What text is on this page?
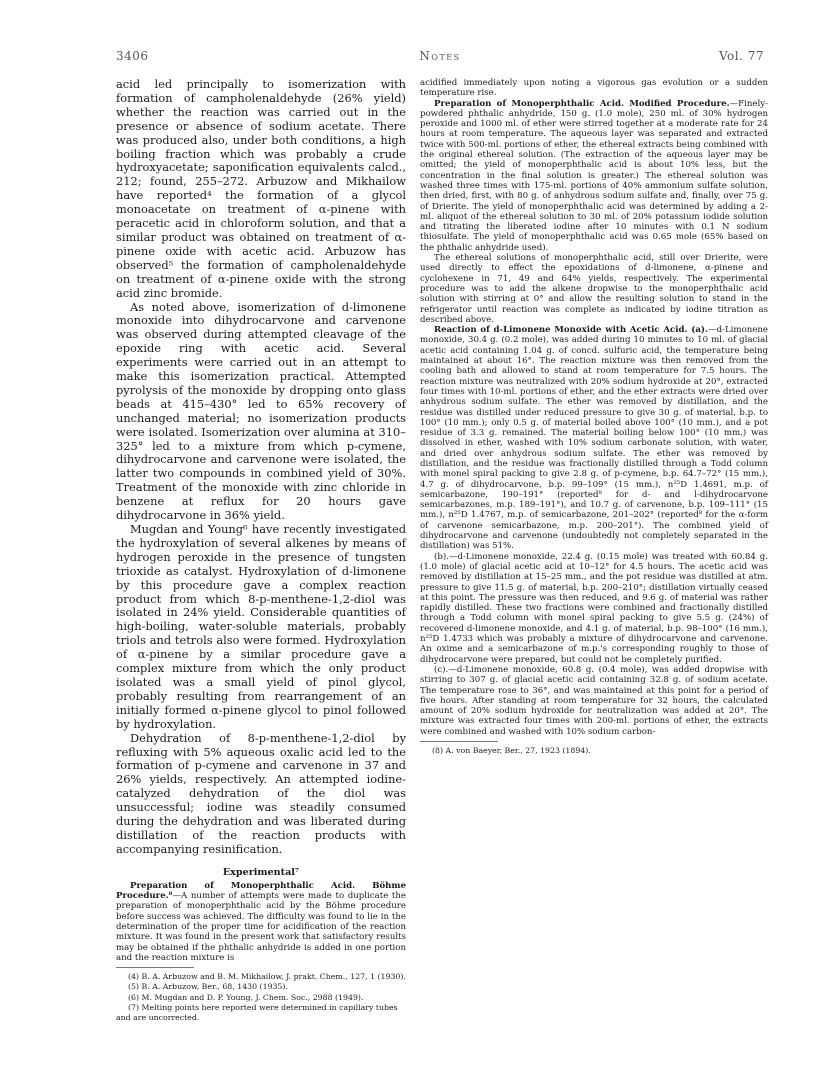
3406	Notes	Vol. 77

acid led principally to isomerization with formation of campholenaldehyde (26% yield) whether the reaction was carried out in the presence or absence of sodium acetate. There was produced also, under both conditions, a high boiling fraction which was probably a crude hydroxyacetate; saponification equivalents calcd., 212; found, 255–272. Arbuzow and Mikhailow have reported⁴ the formation of a glycol monoacetate on treatment of α-pinene with peracetic acid in chloroform solution, and that a similar product was obtained on treatment of α-pinene oxide with acetic acid. Arbuzow has observed⁵ the formation of campholenaldehyde on treatment of α-pinene oxide with the strong acid zinc bromide.

As noted above, isomerization of d-limonene monoxide into dihydrocarvone and carvenone was observed during attempted cleavage of the epoxide ring with acetic acid. Several experiments were carried out in an attempt to make this isomerization practical. Attempted pyrolysis of the monoxide by dropping onto glass beads at 415–430° led to 65% recovery of unchanged material; no isomerization products were isolated. Isomerization over alumina at 310–325° led to a mixture from which p-cymene, dihydrocarvone and carvenone were isolated, the latter two compounds in combined yield of 30%. Treatment of the monoxide with zinc chloride in benzene at reflux for 20 hours gave dihydrocarvone in 36% yield.

Mugdan and Young⁶ have recently investigated the hydroxylation of several alkenes by means of hydrogen peroxide in the presence of tungsten trioxide as catalyst. Hydroxylation of d-limonene by this procedure gave a complex reaction product from which 8-p-menthene-1,2-diol was isolated in 24% yield. Considerable quantities of high-boiling, water-soluble materials, probably triols and tetrols also were formed. Hydroxylation of α-pinene by a similar procedure gave a complex mixture from which the only product isolated was a small yield of pinol glycol, probably resulting from rearrangement of an initially formed α-pinene glycol to pinol followed by hydroxylation.

Dehydration of 8-p-menthene-1,2-diol by refluxing with 5% aqueous oxalic acid led to the formation of p-cymene and carvenone in 37 and 26% yields, respectively. An attempted iodine-catalyzed dehydration of the diol was unsuccessful; iodine was steadily consumed during the dehydration and was liberated during distillation of the reaction products with accompanying resinification.

Experimental⁷

Preparation of Monoperphthalic Acid. Böhme Procedure.⁸—A number of attempts were made to duplicate the preparation of monoperphthalic acid by the Böhme procedure before success was achieved. The difficulty was found to lie in the determination of the proper time for acidification of the reaction mixture. It was found in the present work that satisfactory results may be obtained if the phthalic anhydride is added in one portion and the reaction mixture is

(4) B. A. Arbuzow and B. M. Mikhailow, J. prakt. Chem., 127, 1 (1930).

(5) B. A. Arbuzow, Ber., 68, 1430 (1935).

(6) M. Mugdan and D. P. Young, J. Chem. Soc., 2988 (1949).

(7) Melting points here reported were determined in capillary tubes and are uncorrected.

acidified immediately upon noting a vigorous gas evolution or a sudden temperature rise.

Preparation of Monoperphthalic Acid. Modified Procedure.—Finely-powdered phthalic anhydride, 150 g. (1.0 mole), 250 ml. of 30% hydrogen peroxide and 1000 ml. of ether were stirred together at a moderate rate for 24 hours at room temperature. The aqueous layer was separated and extracted twice with 500-ml. portions of ether, the ethereal extracts being combined with the original ethereal solution. (The extraction of the aqueous layer may be omitted; the yield of monoperphthalic acid is about 10% less, but the concentration in the final solution is greater.) The ethereal solution was washed three times with 175-ml. portions of 40% ammonium sulfate solution, then dried, first, with 80 g. of anhydrous sodium sulfate and, finally, over 75 g. of Drierite. The yield of monoperphthalic acid was determined by adding a 2-ml. aliquot of the ethereal solution to 30 ml. of 20% potassium iodide solution and titrating the liberated iodine after 10 minutes with 0.1 N sodium thiosulfate. The yield of monoperphthalic acid was 0.65 mole (65% based on the phthalic anhydride used).

The ethereal solutions of monoperphthalic acid, still over Drierite, were used directly to effect the epoxidations of d-limonene, α-pinene and cyclohexene in 71, 49 and 64% yields, respectively. The experimental procedure was to add the alkene dropwise to the monoperphthalic acid solution with stirring at 0° and allow the resulting solution to stand in the refrigerator until reaction was complete as indicated by iodine titration as described above.

Reaction of d-Limonene Monoxide with Acetic Acid. (a).—d-Limonene monoxide, 30.4 g. (0.2 mole), was added during 10 minutes to 10 ml. of glacial acetic acid containing 1.04 g. of concd. sulfuric acid, the temperature being maintained at about 16°. The reaction mixture was then removed from the cooling bath and allowed to stand at room temperature for 7.5 hours. The reaction mixture was neutralized with 20% sodium hydroxide at 20°, extracted four times with 10-ml. portions of ether, and the ether extracts were dried over anhydrous sodium sulfate. The ether was removed by distillation, and the residue was distilled under reduced pressure to give 30 g. of material, b.p. to 100° (10 mm.); only 0.5 g. of material boiled above 100° (10 mm.), and a pot residue of 3.3 g. remained. The material boiling below 100° (10 mm.) was dissolved in ether, washed with 10% sodium carbonate solution, with water, and dried over anhydrous sodium sulfate. The ether was removed by distillation, and the residue was fractionally distilled through a Todd column with monel spiral packing to give 2.8 g. of p-cymene, b.p. 64.7–72° (15 mm.), 4.7 g. of dihydrocarvone, b.p. 99–109° (15 mm.), n²⁵D 1.4691, m.p. of semicarbazone, 190–191° (reported⁸ for d- and l-dihydrocarvone semicarbazones, m.p. 189–191°), and 10.7 g. of carvenone, b.p. 109–111° (15 mm.), n²⁵D 1.4767, m.p. of semicarbazone, 201–202° (reported⁸ for the α-form of carvenone semicarbazone, m.p. 200–201°). The combined yield of dihydrocarvone and carvenone (undoubtedly not completely separated in the distillation) was 51%.

(b).—d-Limonene monoxide, 22.4 g. (0.15 mole) was treated with 60.84 g. (1.0 mole) of glacial acetic acid at 10–12° for 4.5 hours. The acetic acid was removed by distillation at 15–25 mm., and the pot residue was distilled at atm. pressure to give 11.5 g. of material, b.p. 200–210°; distillation virtually ceased at this point. The pressure was then reduced, and 9.6 g. of material was rather rapidly distilled. These two fractions were combined and fractionally distilled through a Todd column with monel spiral packing to give 5.5 g. (24%) of recovered d-limonene monoxide, and 4.1 g. of material, b.p. 98–100° (16 mm.), n²⁵D 1.4733 which was probably a mixture of dihydrocarvone and carvenone. An oxime and a semicarbazone of m.p.'s corresponding roughly to those of dihydrocarvone were prepared, but could not be completely purified.

(c).—d-Limonene monoxide, 60.8 g. (0.4 mole), was added dropwise with stirring to 307 g. of glacial acetic acid containing 32.8 g. of sodium acetate. The temperature rose to 36°, and was maintained at this point for a period of five hours. After standing at room temperature for 32 hours, the calculated amount of 20% sodium hydroxide for neutralization was added at 20°. The mixture was extracted four times with 200-ml. portions of ether, the extracts were combined and washed with 10% sodium carbon-

(8) A. von Baeyer, Ber., 27, 1923 (1894).
